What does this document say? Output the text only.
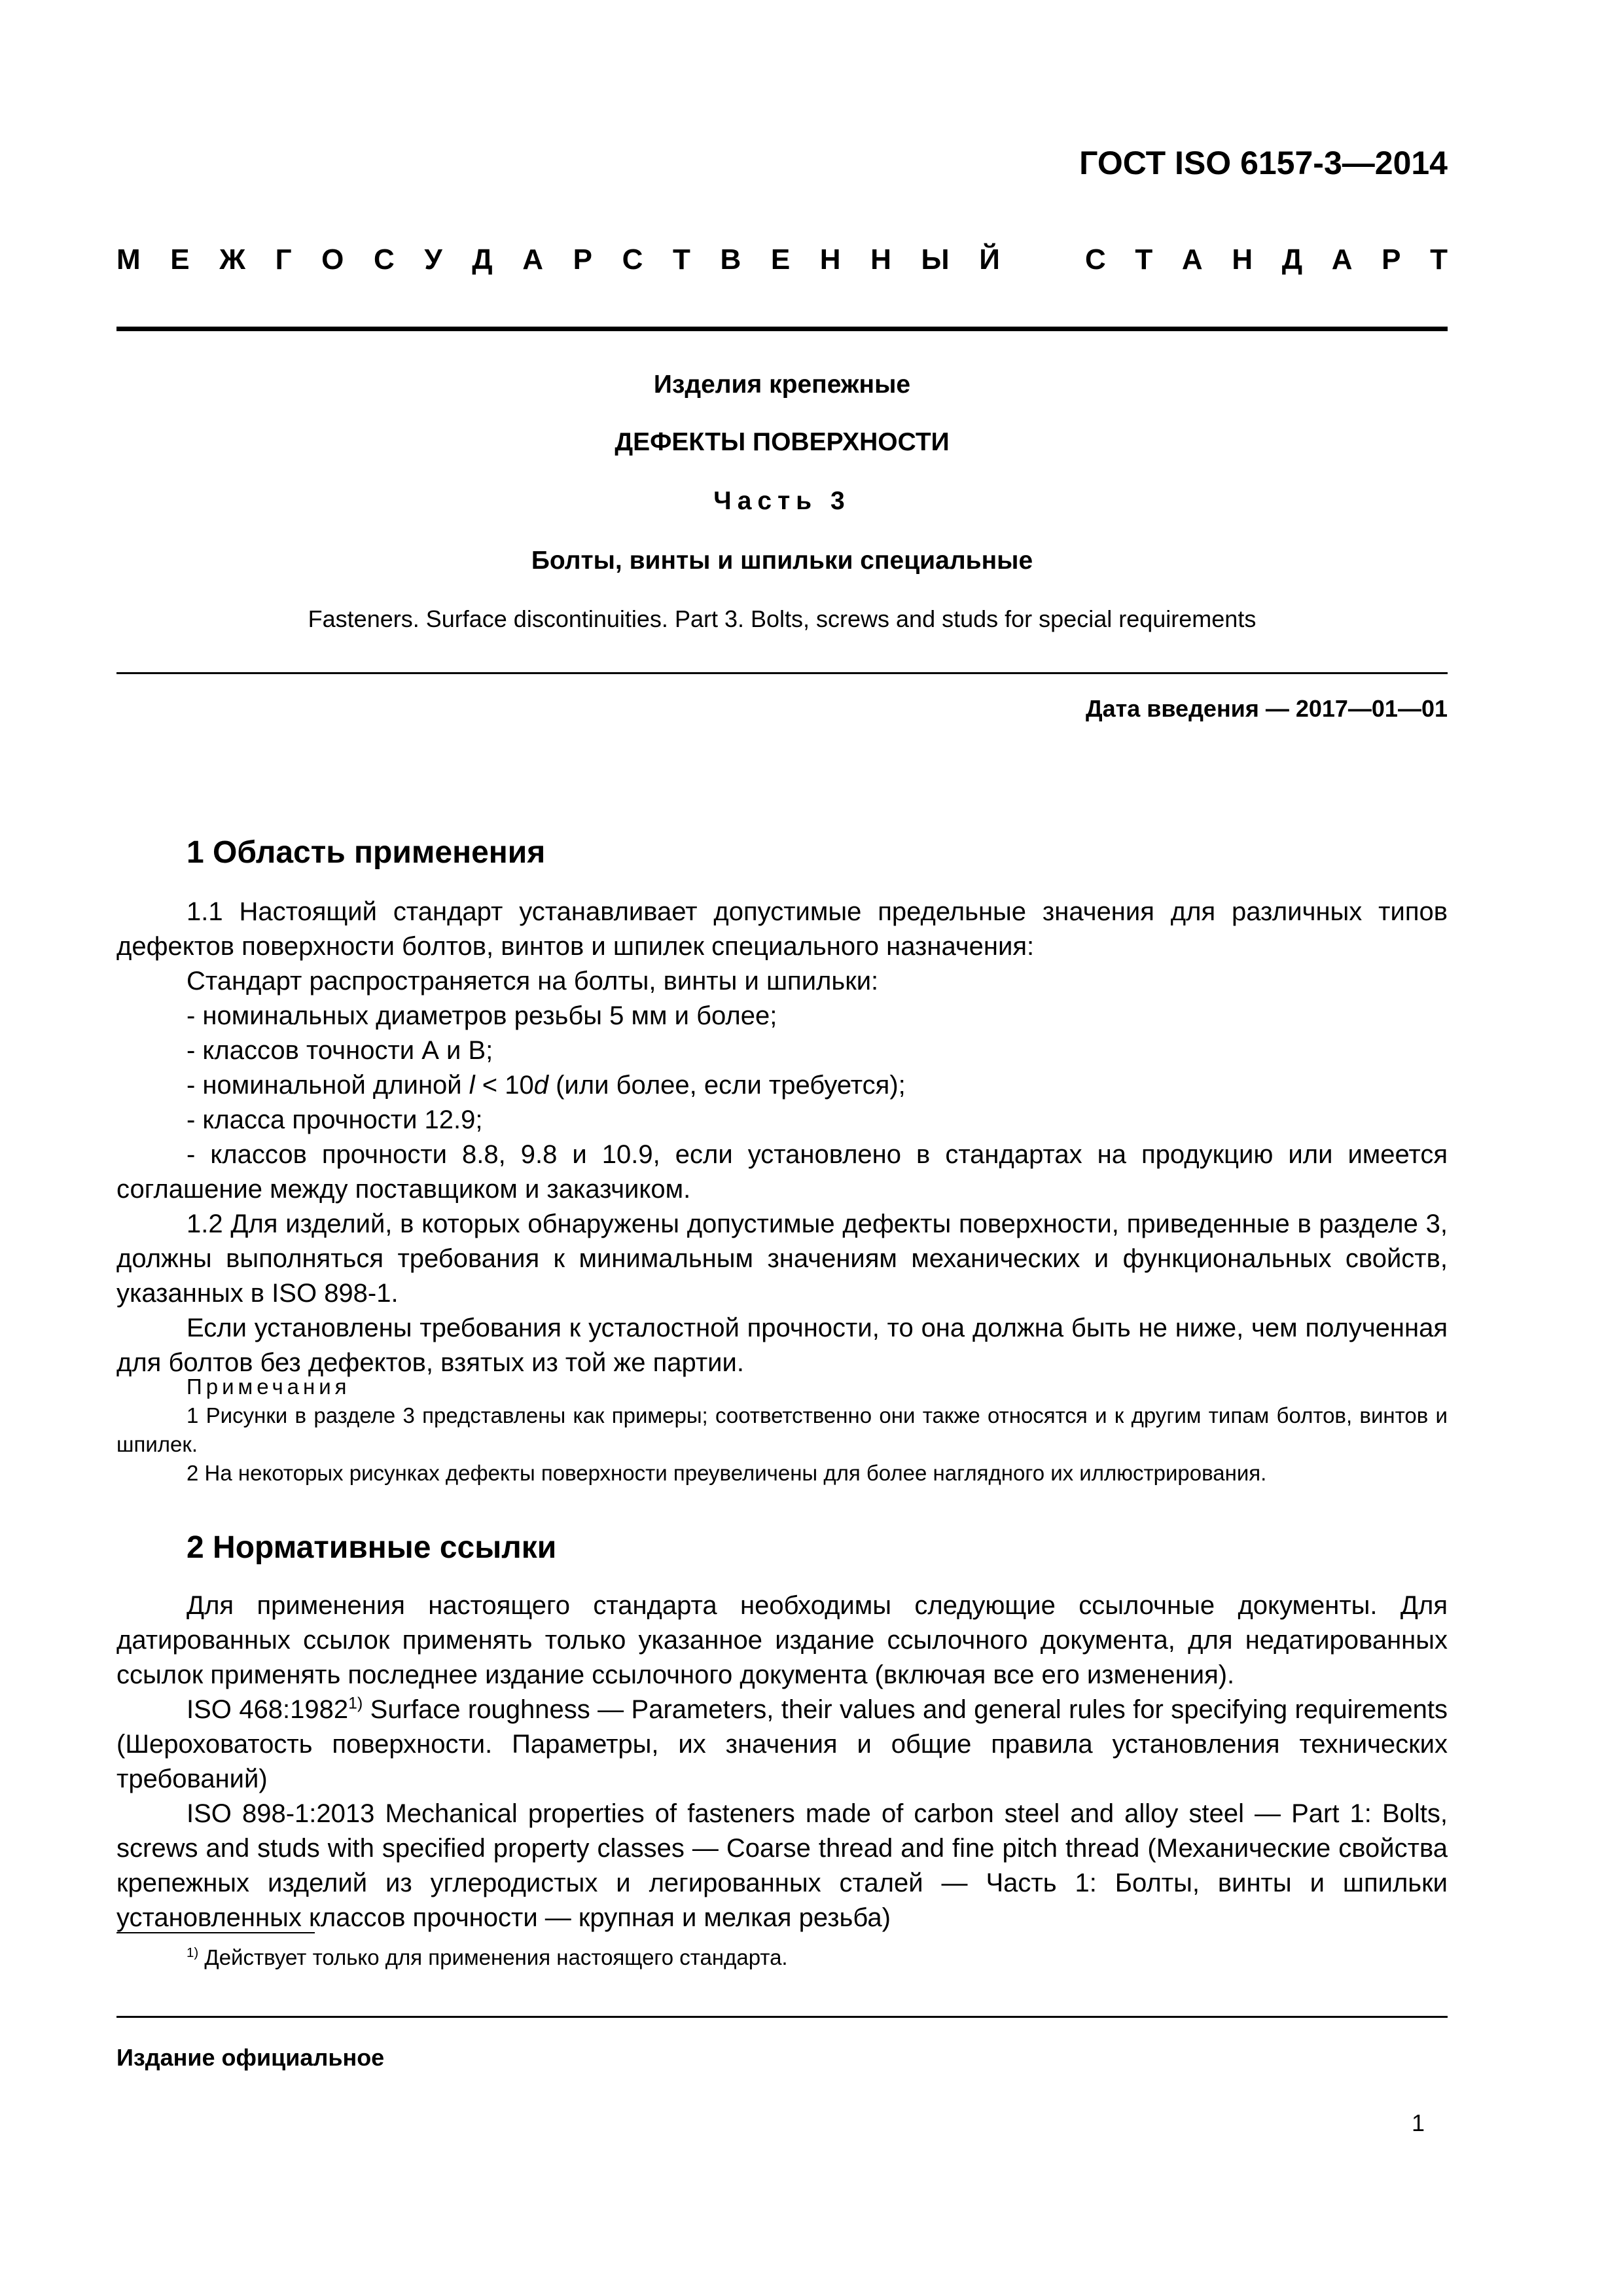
ГОСТ ISO 6157-3—2014
М Е Ж Г О С У Д А Р С Т В Е Н Н Ы Й	С Т А Н Д А Р Т
Изделия крепежные
ДЕФЕКТЫ ПОВЕРХНОСТИ
Часть 3
Болты, винты и шпильки специальные
Fasteners. Surface discontinuities. Part 3. Bolts, screws and studs for special requirements
Дата введения — 2017—01—01
1 Область применения

1.1 Настоящий стандарт устанавливает допустимые предельные значения для различных типов дефектов поверхности болтов, винтов и шпилек специального назначения:

Стандарт распространяется на болты, винты и шпильки:

- номинальных диаметров резьбы 5 мм и более;

- классов точности А и В;

- номинальной длиной l < 10d (или более, если требуется);

- класса прочности 12.9;

- классов прочности 8.8, 9.8 и 10.9, если установлено в стандартах на продукцию или имеется соглашение между поставщиком и заказчиком.

1.2 Для изделий, в которых обнаружены допустимые дефекты поверхности, приведенные в разделе 3, должны выполняться требования к минимальным значениям механических и функциональных свойств, указанных в ISO 898-1.

Если установлены требования к усталостной прочности, то она должна быть не ниже, чем полученная для болтов без дефектов, взятых из той же партии.

Примечания

1 Рисунки в разделе 3 представлены как примеры; соответственно они также относятся и к другим типам болтов, винтов и шпилек.

2 На некоторых рисунках дефекты поверхности преувеличены для более наглядного их иллюстрирования.

2 Нормативные ссылки

Для применения настоящего стандарта необходимы следующие ссылочные документы. Для датированных ссылок применять только указанное издание ссылочного документа, для недатированных ссылок применять последнее издание ссылочного документа (включая все его изменения).

ISO 468:1982$^{1)}$ Surface roughness — Parameters, their values and general rules for specifying requirements (Шероховатость поверхности. Параметры, их значения и общие правила установления технических требований)

ISO 898-1:2013 Mechanical properties of fasteners made of carbon steel and alloy steel — Part 1: Bolts, screws and studs with specified property classes — Coarse thread and fine pitch thread (Механические свойства крепежных изделий из углеродистых и легированных сталей — Часть 1: Болты, винты и шпильки установленных классов прочности — крупная и мелкая резьба)

$^{1)}$ Действует только для применения настоящего стандарта.
Издание официальное
1
